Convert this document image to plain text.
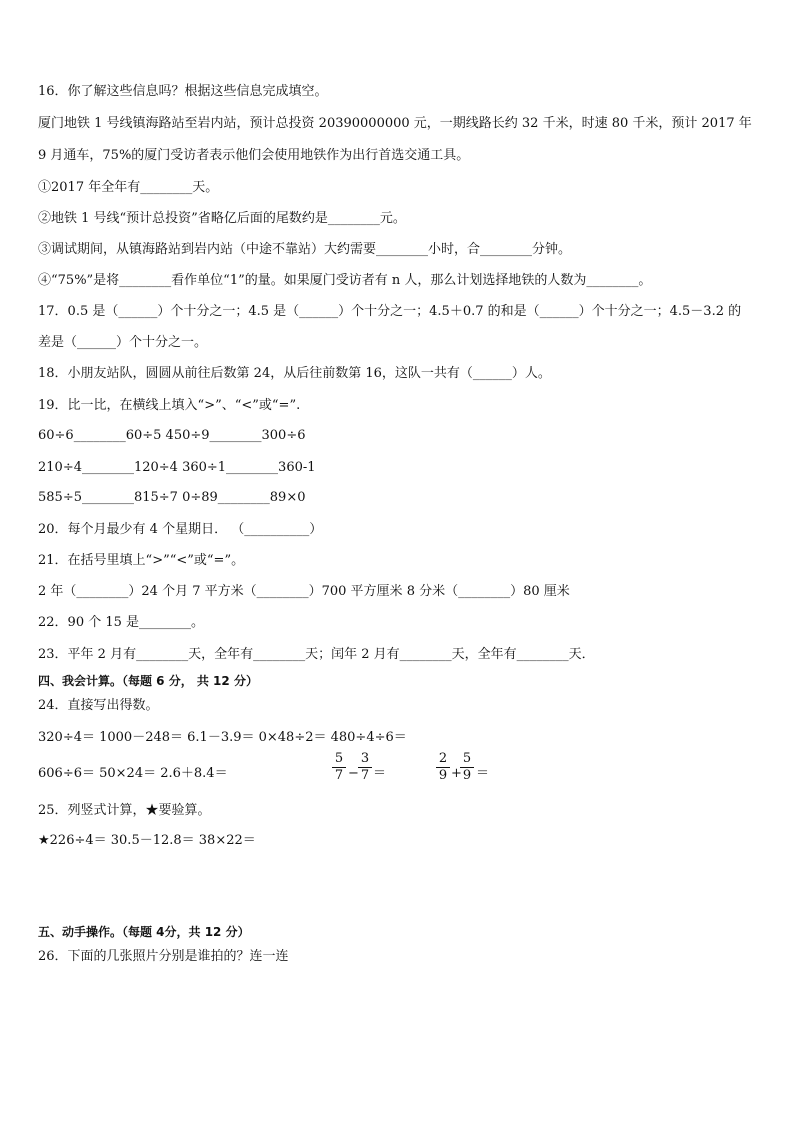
16．你了解这些信息吗？根据这些信息完成填空。
厦门地铁 1 号线镇海路站至岩内站，预计总投资 20390000000 元，一期线路长约 32 千米，时速 80 千米，预计 2017 年
9 月通车，75%的厦门受访者表示他们会使用地铁作为出行首选交通工具。
①2017 年全年有________天。
②地铁 1 号线“预计总投资”省略亿后面的尾数约是________元。
③调试期间，从镇海路站到岩内站（中途不靠站）大约需要________小时，合________分钟。
④“75%”是将________看作单位“1”的量。如果厦门受访者有 n 人，那么计划选择地铁的人数为________。
17．0.5 是（______）个十分之一；4.5 是（______）个十分之一；4.5＋0.7 的和是（______）个十分之一；4.5－3.2 的
差是（______）个十分之一。
18．小朋友站队，圆圆从前往后数第 24，从后往前数第 16，这队一共有（______）人。
19．比一比，在横线上填入“>”、“<”或“=”.
60÷6________60÷5 450÷9________300÷6
210÷4________120÷4 360÷1________360-1
585÷5________815÷7 0÷89________89×0
20．每个月最少有 4 个星期日． （__________）
21．在括号里填上“>”“<”或“=”。
2 年（________）24 个月 7 平方米（________）700 平方厘米 8 分米（________）80 厘米
22．90 个 15 是________。
23．平年 2 月有________天，全年有________天；闰年 2 月有________天，全年有________天．
四、我会计算。（每题 6 分， 共 12 分）
24．直接写出得数。
320÷4＝ 1000－248＝ 6.1－3.9＝ 0×48÷2＝ 480÷4÷6＝
606÷6＝ 50×24＝ 2.6＋8.4＝
5
7 −
3
7 ＝
2
9 +
5
9 ＝
25．列竖式计算，★要验算。
★226÷4＝ 30.5－12.8＝ 38×22＝
五、动手操作。（每题 4分，共 12 分）
26．下面的几张照片分别是谁拍的？连一连
